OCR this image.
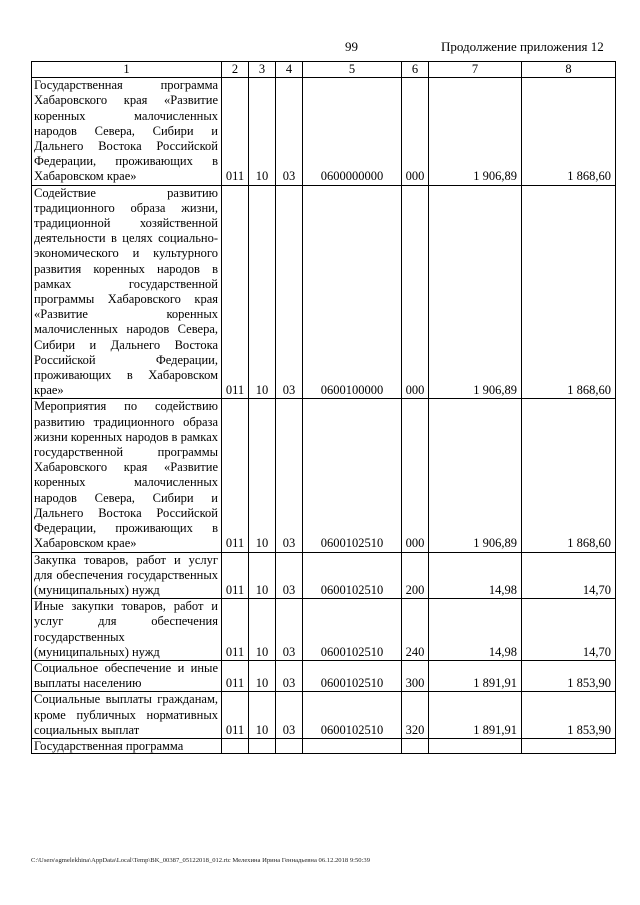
99	Продолжение приложения 12
1	2	3	4	5	6	7	8
Государственная программа Хабаровского края «Развитие коренных малочисленных народов Севера, Сибири и Дальнего Востока Российской Федерации, проживающих в Хабаровском крае»	011	10	03	0600000000	000	1 906,89	1 868,60
Содействие развитию традиционного образа жизни, традиционной хозяйственной деятельности в целях социально-экономического и культурного развития коренных народов в рамках государственной программы Хабаровского края «Развитие коренных малочисленных народов Севера, Сибири и Дальнего Востока Российской Федерации, проживающих в Хабаровском крае»	011	10	03	0600100000	000	1 906,89	1 868,60
Мероприятия по содействию развитию традиционного образа жизни коренных народов в рамках государственной программы Хабаровского края «Развитие коренных малочисленных народов Севера, Сибири и Дальнего Востока Российской Федерации, проживающих в Хабаровском крае»	011	10	03	0600102510	000	1 906,89	1 868,60
Закупка товаров, работ и услуг для обеспечения государственных (муниципальных) нужд	011	10	03	0600102510	200	14,98	14,70
Иные закупки товаров, работ и услуг для обеспечения государственных (муниципальных) нужд	011	10	03	0600102510	240	14,98	14,70
Социальное обеспечение и иные выплаты населению	011	10	03	0600102510	300	1 891,91	1 853,90
Социальные выплаты гражданам, кроме публичных нормативных социальных выплат	011	10	03	0600102510	320	1 891,91	1 853,90
Государственная программа							
C:\Users\sgmelekhina\AppData\Local\Temp\BK_00387_05122018_012.rtc Мелехина Ирина Геннадьевна 06.12.2018 9:50:39
